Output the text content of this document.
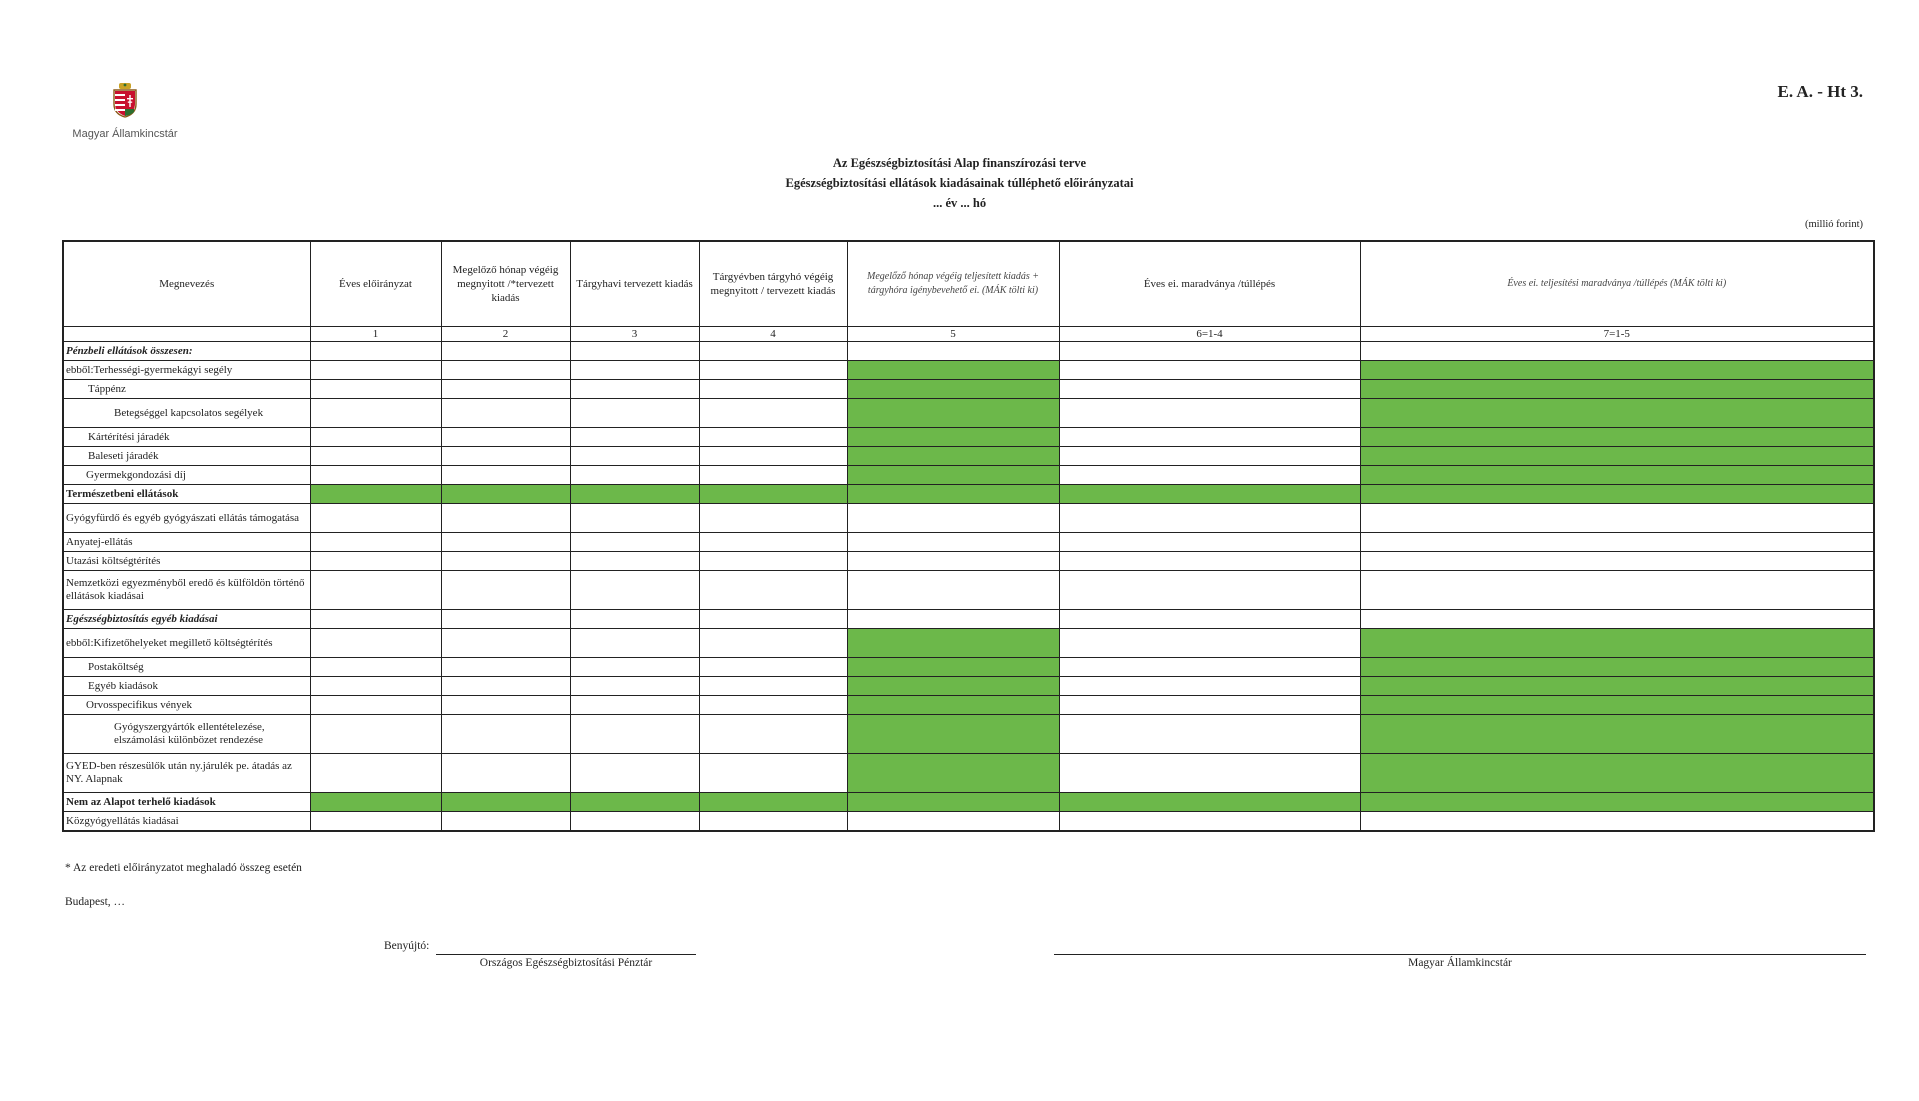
Magyar Államkincstár
E. A. - Ht 3.
Az Egészségbiztosítási Alap finanszírozási terve
Egészségbiztosítási ellátások kiadásainak túlléphető előirányzatai
... év ... hó
(millió forint)
Megnevezés	Éves előirányzat	Megelőző hónap végéig megnyitott /*tervezett kiadás	Tárgyhavi tervezett kiadás	Tárgyévben tárgyhó végéig megnyitott / tervezett kiadás	Megelőző hónap végéig teljesített kiadás + tárgyhóra igénybevehető ei. (MÁK tölti ki)	Éves ei. maradványa /túllépés	Éves ei. teljesítési maradványa /túllépés (MÁK tölti ki)
	1	2	3	4	5	6=1-4	7=1-5
Pénzbeli ellátások összesen:							
ebből:Terhességi-gyermekágyi segély							
Táppénz							
Betegséggel kapcsolatos segélyek							
Kártérítési járadék							
Baleseti járadék							
Gyermekgondozási díj							
Természetbeni ellátások							
Gyógyfürdő és egyéb gyógyászati ellátás támogatása							
Anyatej-ellátás							
Utazási költségtérítés							
Nemzetközi egyezményből eredő és külföldön történő ellátások kiadásai							
Egészségbiztosítás egyéb kiadásai							
ebből:Kifizetőhelyeket megillető költségtérítés							
Postaköltség							
Egyéb kiadások							
Orvosspecifikus vények							
Gyógyszergyártók ellentételezése, elszámolási különbözet rendezése							
GYED-ben részesülők után ny.járulék pe. átadás az NY. Alapnak							
Nem az Alapot terhelő kiadások							
Közgyógyellátás kiadásai							
* Az eredeti előirányzatot meghaladó összeg esetén
Budapest, …
Benyújtó:
Országos Egészségbiztosítási Pénztár	Magyar Államkincstár
